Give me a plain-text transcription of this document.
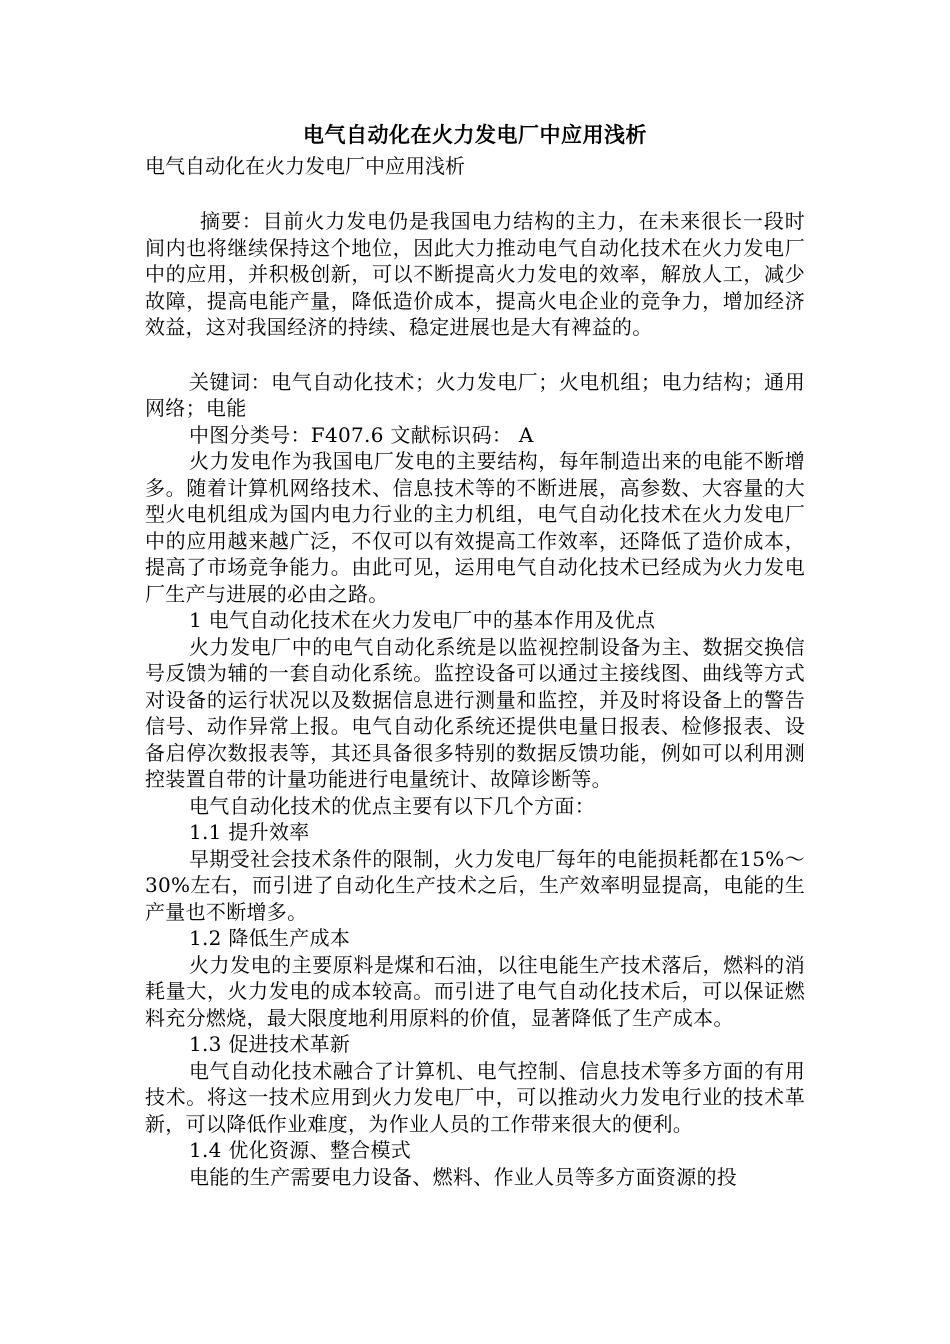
电气自动化在火力发电厂中应用浅析

电气自动化在火力发电厂中应用浅析

摘要：目前火力发电仍是我国电力结构的主力，在未来很长一段时间内也将继续保持这个地位，因此大力推动电气自动化技术在火力发电厂中的应用，并积极创新，可以不断提高火力发电的效率，解放人工，减少故障，提高电能产量，降低造价成本，提高火电企业的竞争力，增加经济效益，这对我国经济的持续、稳定进展也是大有裨益的。

关键词：电气自动化技术；火力发电厂；火电机组；电力结构；通用网络；电能

中图分类号：F407.6 文献标识码： A

火力发电作为我国电厂发电的主要结构，每年制造出来的电能不断增多。随着计算机网络技术、信息技术等的不断进展，高参数、大容量的大型火电机组成为国内电力行业的主力机组，电气自动化技术在火力发电厂中的应用越来越广泛，不仅可以有效提高工作效率，还降低了造价成本，提高了市场竞争能力。由此可见，运用电气自动化技术已经成为火力发电厂生产与进展的必由之路。

1 电气自动化技术在火力发电厂中的基本作用及优点

火力发电厂中的电气自动化系统是以监视控制设备为主、数据交换信号反馈为辅的一套自动化系统。监控设备可以通过主接线图、曲线等方式对设备的运行状况以及数据信息进行测量和监控，并及时将设备上的警告信号、动作异常上报。电气自动化系统还提供电量日报表、检修报表、设备启停次数报表等，其还具备很多特别的数据反馈功能，例如可以利用测控装置自带的计量功能进行电量统计、故障诊断等。

电气自动化技术的优点主要有以下几个方面：

1.1 提升效率

早期受社会技术条件的限制，火力发电厂每年的电能损耗都在15%～30%左右，而引进了自动化生产技术之后，生产效率明显提高，电能的生产量也不断增多。

1.2 降低生产成本

火力发电的主要原料是煤和石油，以往电能生产技术落后，燃料的消耗量大，火力发电的成本较高。而引进了电气自动化技术后，可以保证燃料充分燃烧，最大限度地利用原料的价值，显著降低了生产成本。

1.3 促进技术革新

电气自动化技术融合了计算机、电气控制、信息技术等多方面的有用技术。将这一技术应用到火力发电厂中，可以推动火力发电行业的技术革新，可以降低作业难度，为作业人员的工作带来很大的便利。

1.4 优化资源、整合模式

电能的生产需要电力设备、燃料、作业人员等多方面资源的投
